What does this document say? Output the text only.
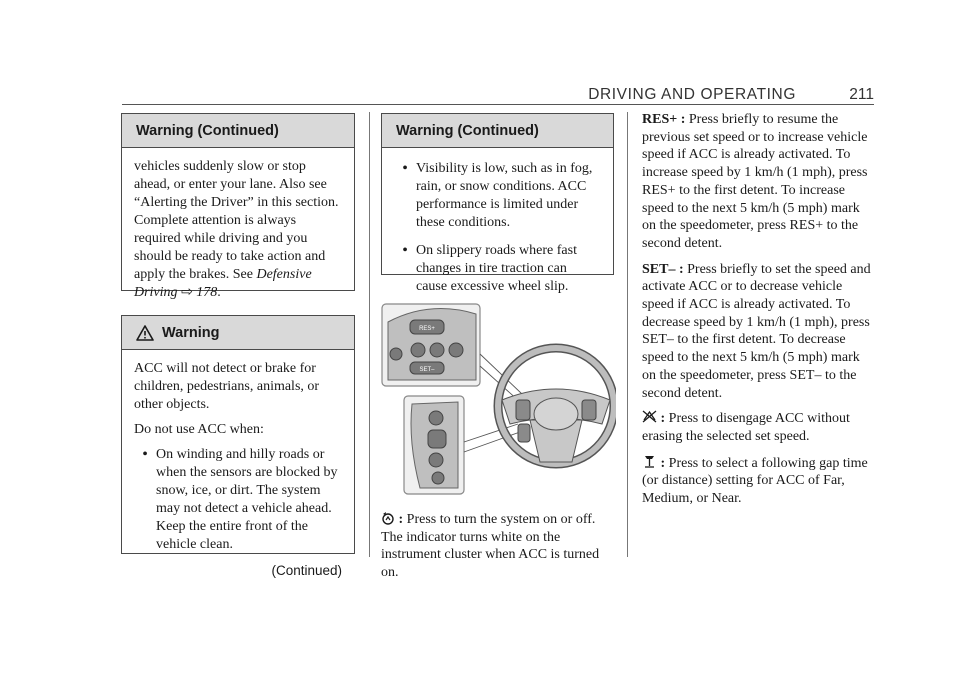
DRIVING AND OPERATING	211
Warning (Continued)

vehicles suddenly slow or stop ahead, or enter your lane. Also see “Alerting the Driver” in this section. Complete attention is always required while driving and you should be ready to take action and apply the brakes. See Defensive Driving ⇨ 178.

Warning

ACC will not detect or brake for children, pedestrians, animals, or other objects.

Do not use ACC when:

• On winding and hilly roads or when the sensors are blocked by snow, ice, or dirt. The system may not detect a vehicle ahead. Keep the entire front of the vehicle clean.
(Continued)
Warning (Continued)
• Visibility is low, such as in fog, rain, or snow conditions. ACC performance is limited under these conditions.
• On slippery roads where fast changes in tire traction can cause excessive wheel slip.
RES+
SET–

: Press to turn the system on or off. The indicator turns white on the instrument cluster when ACC is turned on.

RES+ : Press briefly to resume the previous set speed or to increase vehicle speed if ACC is already activated. To increase speed by 1 km/h (1 mph), press RES+ to the first detent. To increase speed to the next 5 km/h (5 mph) mark on the speedometer, press RES+ to the second detent.

SET– : Press briefly to set the speed and activate ACC or to decrease vehicle speed if ACC is already activated. To decrease speed by 1 km/h (1 mph), press SET– to the first detent. To decrease speed to the next 5 km/h (5 mph) mark on the speedometer, press SET– to the second detent.

: Press to disengage ACC without erasing the selected set speed.

: Press to select a following gap time (or distance) setting for ACC of Far, Medium, or Near.
